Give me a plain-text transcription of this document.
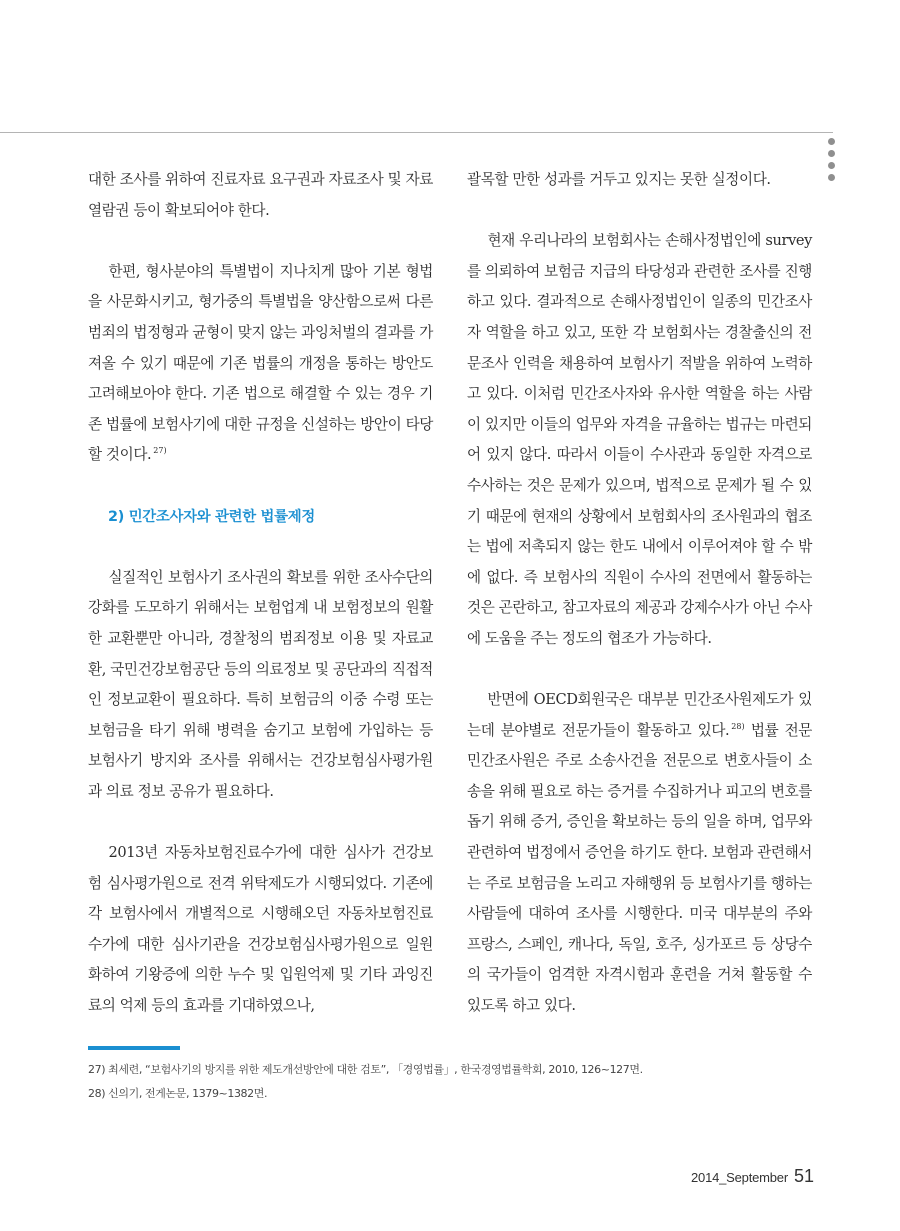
대한 조사를 위하여 진료자료 요구권과 자료조사 및 자료열람권 등이 확보되어야 한다.

한편, 형사분야의 특별법이 지나치게 많아 기본 형법을 사문화시키고, 형가중의 특별법을 양산함으로써 다른 범죄의 법정형과 균형이 맞지 않는 과잉처벌의 결과를 가져올 수 있기 때문에 기존 법률의 개정을 통하는 방안도 고려해보아야 한다. 기존 법으로 해결할 수 있는 경우 기존 법률에 보험사기에 대한 규정을 신설하는 방안이 타당할 것이다. $^{27)}$

2) 민간조사자와 관련한 법률제정

실질적인 보험사기 조사권의 확보를 위한 조사수단의 강화를 도모하기 위해서는 보험업계 내 보험정보의 원활한 교환뿐만 아니라, 경찰청의 범죄정보 이용 및 자료교환, 국민건강보험공단 등의 의료정보 및 공단과의 직접적인 정보교환이 필요하다. 특히 보험금의 이중 수령 또는 보험금을 타기 위해 병력을 숨기고 보험에 가입하는 등 보험사기 방지와 조사를 위해서는 건강보험심사평가원과 의료 정보 공유가 필요하다.

2013년 자동차보험진료수가에 대한 심사가 건강보험 심사평가원으로 전격 위탁제도가 시행되었다. 기존에 각 보험사에서 개별적으로 시행해오던 자동차보험진료수가에 대한 심사기관을 건강보험심사평가원으로 일원화하여 기왕증에 의한 누수 및 입원억제 및 기타 과잉진료의 억제 등의 효과를 기대하였으나,

괄목할 만한 성과를 거두고 있지는 못한 실정이다.

현재 우리나라의 보험회사는 손해사정법인에 survey를 의뢰하여 보험금 지급의 타당성과 관련한 조사를 진행하고 있다. 결과적으로 손해사정법인이 일종의 민간조사자 역할을 하고 있고, 또한 각 보험회사는 경찰출신의 전문조사 인력을 채용하여 보험사기 적발을 위하여 노력하고 있다. 이처럼 민간조사자와 유사한 역할을 하는 사람이 있지만 이들의 업무와 자격을 규율하는 법규는 마련되어 있지 않다. 따라서 이들이 수사관과 동일한 자격으로 수사하는 것은 문제가 있으며, 법적으로 문제가 될 수 있기 때문에 현재의 상황에서 보험회사의 조사원과의 협조는 법에 저촉되지 않는 한도 내에서 이루어져야 할 수 밖에 없다. 즉 보험사의 직원이 수사의 전면에서 활동하는 것은 곤란하고, 참고자료의 제공과 강제수사가 아닌 수사에 도움을 주는 정도의 협조가 가능하다.

반면에 OECD회원국은 대부분 민간조사원제도가 있는데 분야별로 전문가들이 활동하고 있다. $^{28)}$ 법률 전문 민간조사원은 주로 소송사건을 전문으로 변호사들이 소송을 위해 필요로 하는 증거를 수집하거나 피고의 변호를 돕기 위해 증거, 증인을 확보하는 등의 일을 하며, 업무와 관련하여 법정에서 증언을 하기도 한다. 보험과 관련해서는 주로 보험금을 노리고 자해행위 등 보험사기를 행하는 사람들에 대하여 조사를 시행한다. 미국 대부분의 주와 프랑스, 스페인, 캐나다, 독일, 호주, 싱가포르 등 상당수의 국가들이 엄격한 자격시험과 훈련을 거쳐 활동할 수 있도록 하고 있다.

27) 최세련, “보험사기의 방지를 위한 제도개선방안에 대한 검토”, 「경영법률」, 한국경영법률학회, 2010, 126~127면.

28) 신의기, 전게논문, 1379~1382면.

2014_September 51
